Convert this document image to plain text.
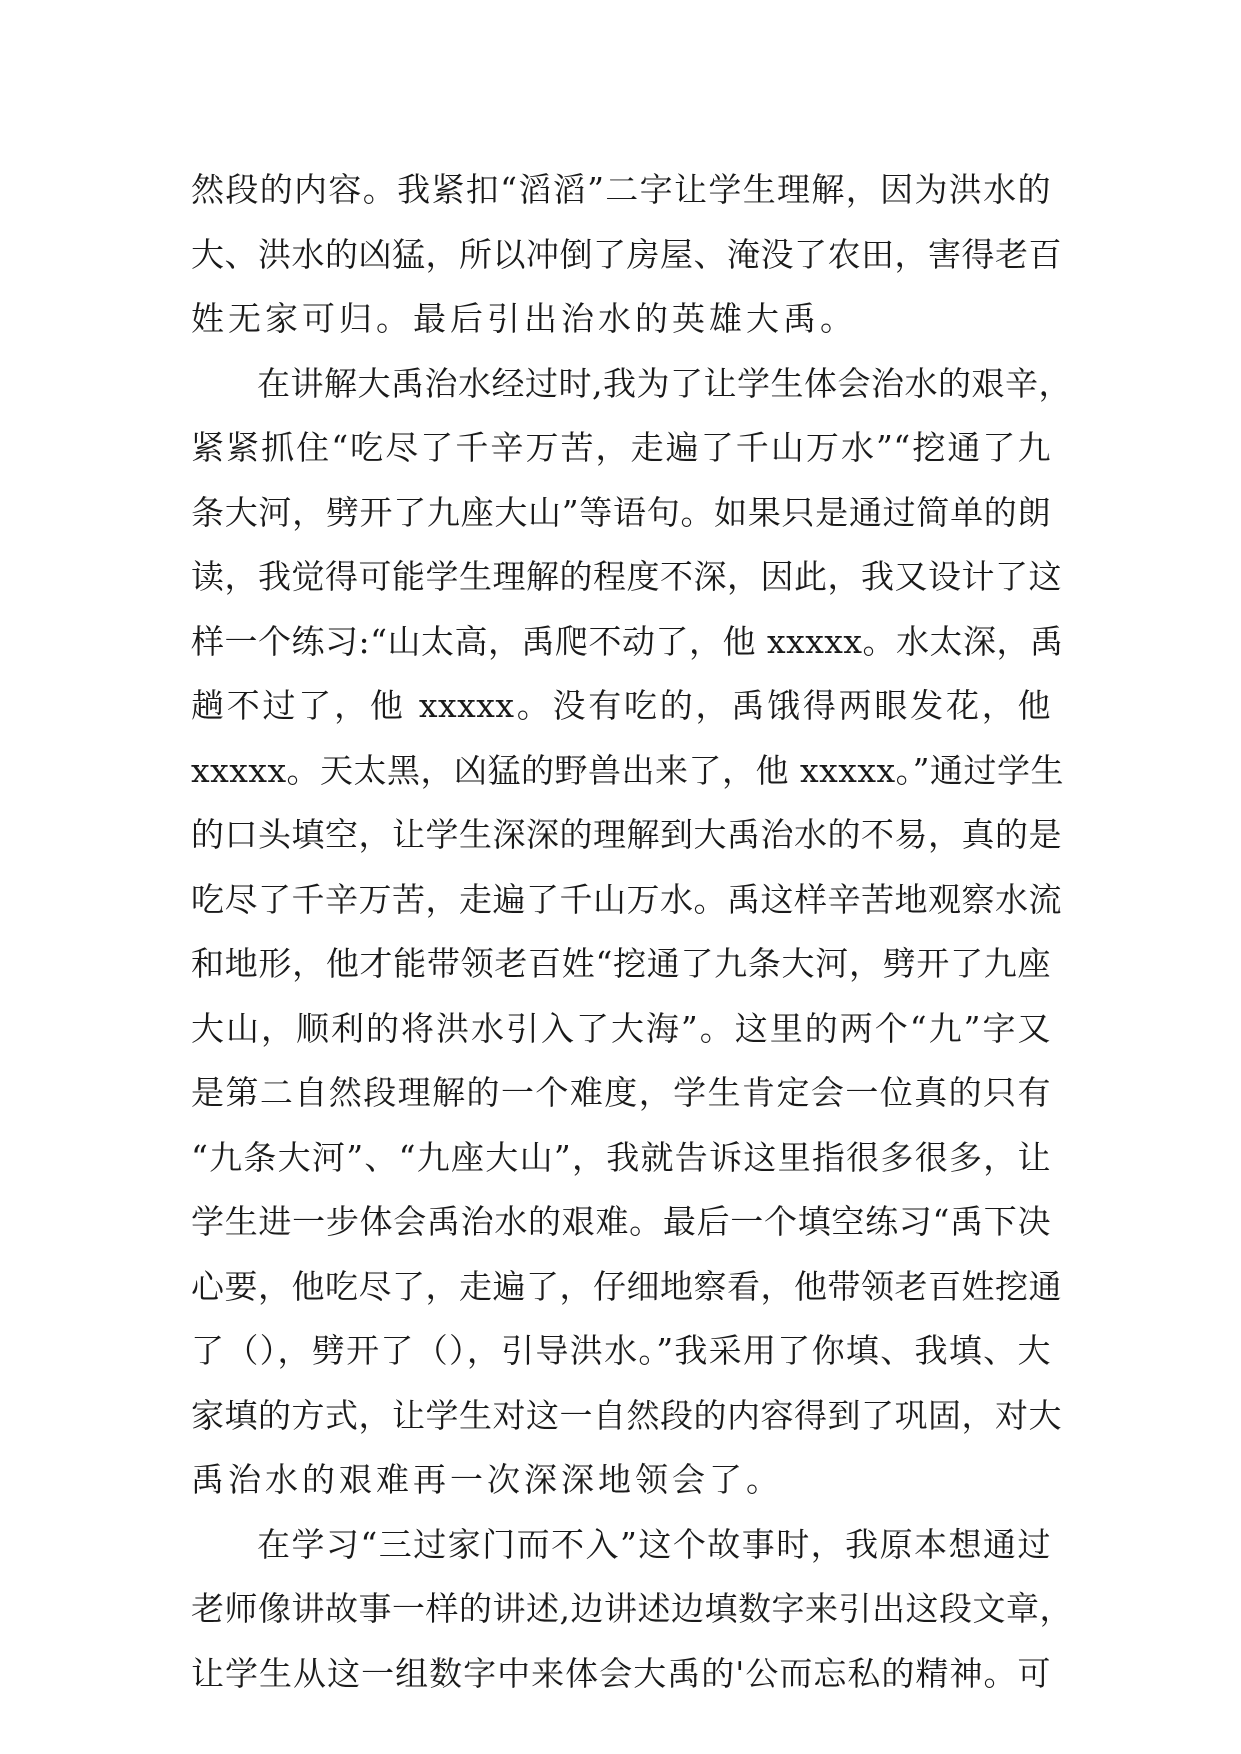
然段的内容。我紧扣“滔滔”二字让学生理解，因为洪水的
大、洪水的凶猛，所以冲倒了房屋、淹没了农田，害得老百
姓无家可归。最后引出治水的英雄大禹。
在讲解大禹治水经过时,我为了让学生体会治水的艰辛，
紧紧抓住“吃尽了千辛万苦，走遍了千山万水”“挖通了九
条大河，劈开了九座大山”等语句。如果只是通过简单的朗
读，我觉得可能学生理解的程度不深，因此，我又设计了这
样一个练习:“山太高，禹爬不动了，他 xxxxx。水太深，禹
趟不过了，他 xxxxx。没有吃的，禹饿得两眼发花，他
xxxxx。天太黑，凶猛的野兽出来了，他 xxxxx。”通过学生
的口头填空，让学生深深的理解到大禹治水的不易，真的是
吃尽了千辛万苦，走遍了千山万水。禹这样辛苦地观察水流
和地形，他才能带领老百姓“挖通了九条大河，劈开了九座
大山，顺利的将洪水引入了大海”。这里的两个“九”字又
是第二自然段理解的一个难度，学生肯定会一位真的只有
“九条大河”、“九座大山”，我就告诉这里指很多很多，让
学生进一步体会禹治水的艰难。最后一个填空练习“禹下决
心要，他吃尽了，走遍了，仔细地察看，他带领老百姓挖通
了（），劈开了（），引导洪水。”我采用了你填、我填、大
家填的方式，让学生对这一自然段的内容得到了巩固，对大
禹治水的艰难再一次深深地领会了。
在学习“三过家门而不入”这个故事时，我原本想通过
老师像讲故事一样的讲述,边讲述边填数字来引出这段文章，
让学生从这一组数字中来体会大禹的'公而忘私的精神。可
